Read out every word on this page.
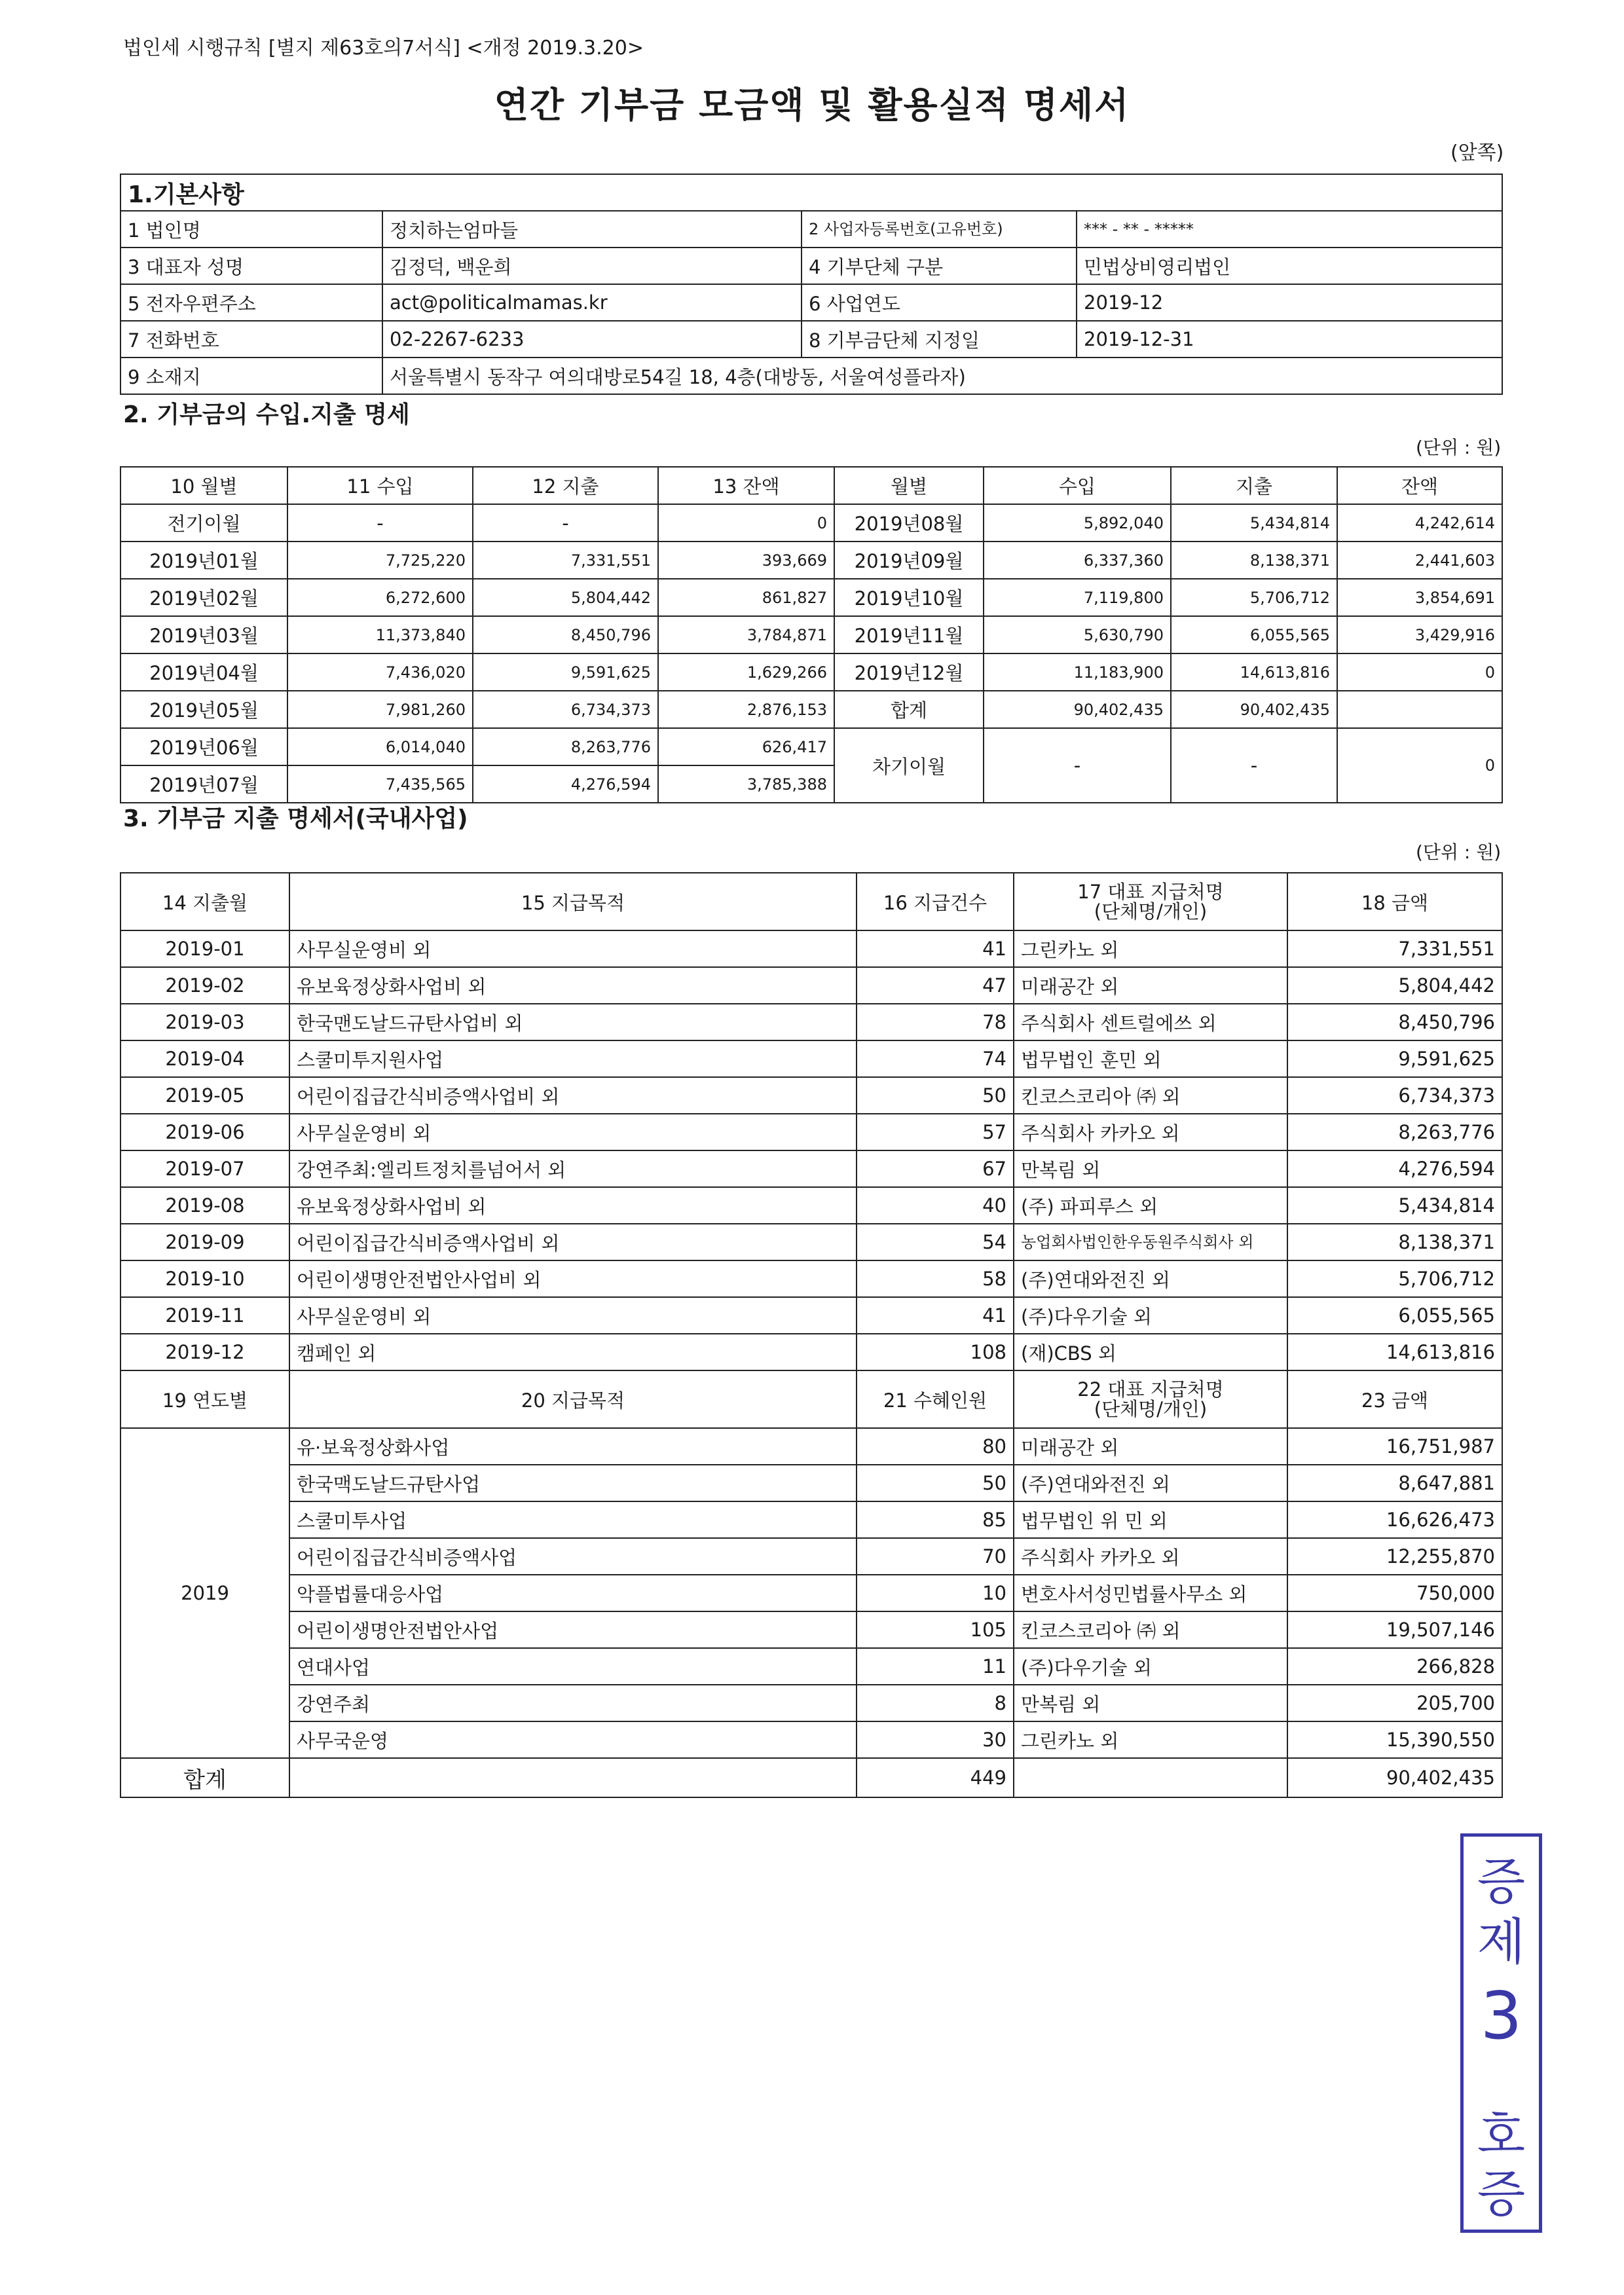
법인세 시행규칙 [별지 제63호의7서식] <개정 2019.3.20>
연간 기부금 모금액 및 활용실적 명세서
(앞쪽)
1.기본사항			
1 법인명	정치하는엄마들	2 사업자등록번호(고유번호)	*** - ** - *****
3 대표자 성명	김정덕, 백운희	4 기부단체 구분	민법상비영리법인
5 전자우편주소	act@politicalmamas.kr	6 사업연도	2019-12
7 전화번호	02-2267-6233	8 기부금단체 지정일	2019-12-31
9 소재지	서울특별시 동작구 여의대방로54길 18, 4층(대방동, 서울여성플라자)		
2. 기부금의 수입.지출 명세
(단위 : 원)
10 월별	11 수입	12 지출	13 잔액	월별	수입	지출	잔액
전기이월	-	-	0	2019년08월	5,892,040	5,434,814	4,242,614
2019년01월	7,725,220	7,331,551	393,669	2019년09월	6,337,360	8,138,371	2,441,603
2019년02월	6,272,600	5,804,442	861,827	2019년10월	7,119,800	5,706,712	3,854,691
2019년03월	11,373,840	8,450,796	3,784,871	2019년11월	5,630,790	6,055,565	3,429,916
2019년04월	7,436,020	9,591,625	1,629,266	2019년12월	11,183,900	14,613,816	0
2019년05월	7,981,260	6,734,373	2,876,153	합계	90,402,435	90,402,435	
2019년06월	6,014,040	8,263,776	626,417	차기이월	-	-	0
2019년07월	7,435,565	4,276,594	3,785,388				
3. 기부금 지출 명세서(국내사업)
(단위 : 원)
14 지출월	15 지급목적	16 지급건수	17 대표 지급처명
(단체명/개인)	18 금액
2019-01	사무실운영비 외	41	그린카노 외	7,331,551
2019-02	유보육정상화사업비 외	47	미래공간 외	5,804,442
2019-03	한국맨도날드규탄사업비 외	78	주식회사 센트럴에쓰 외	8,450,796
2019-04	스쿨미투지원사업	74	법무법인 훈민 외	9,591,625
2019-05	어린이집급간식비증액사업비 외	50	킨코스코리아 ㈜ 외	6,734,373
2019-06	사무실운영비 외	57	주식회사 카카오 외	8,263,776
2019-07	강연주최:엘리트정치를넘어서 외	67	만복림 외	4,276,594
2019-08	유보육정상화사업비 외	40	(주) 파피루스 외	5,434,814
2019-09	어린이집급간식비증액사업비 외	54	농업회사법인한우동원주식회사 외	8,138,371
2019-10	어린이생명안전법안사업비 외	58	(주)연대와전진 외	5,706,712
2019-11	사무실운영비 외	41	(주)다우기술 외	6,055,565
2019-12	캠페인 외	108	(재)CBS 외	14,613,816
19 연도별	20 지급목적	21 수혜인원	22 대표 지급처명
(단체명/개인)	23 금액
2019	유·보육정상화사업	80	미래공간 외	16,751,987
	한국맥도날드규탄사업	50	(주)연대와전진 외	8,647,881
	스쿨미투사업	85	법무법인 위 민 외	16,626,473
	어린이집급간식비증액사업	70	주식회사 카카오 외	12,255,870
	악플법률대응사업	10	변호사서성민법률사무소 외	750,000
	어린이생명안전법안사업	105	킨코스코리아 ㈜ 외	19,507,146
	연대사업	11	(주)다우기술 외	266,828
	강연주최	8	만복림 외	205,700
	사무국운영	30	그린카노 외	15,390,550
합계		449		90,402,435
증
제
3
호
증
